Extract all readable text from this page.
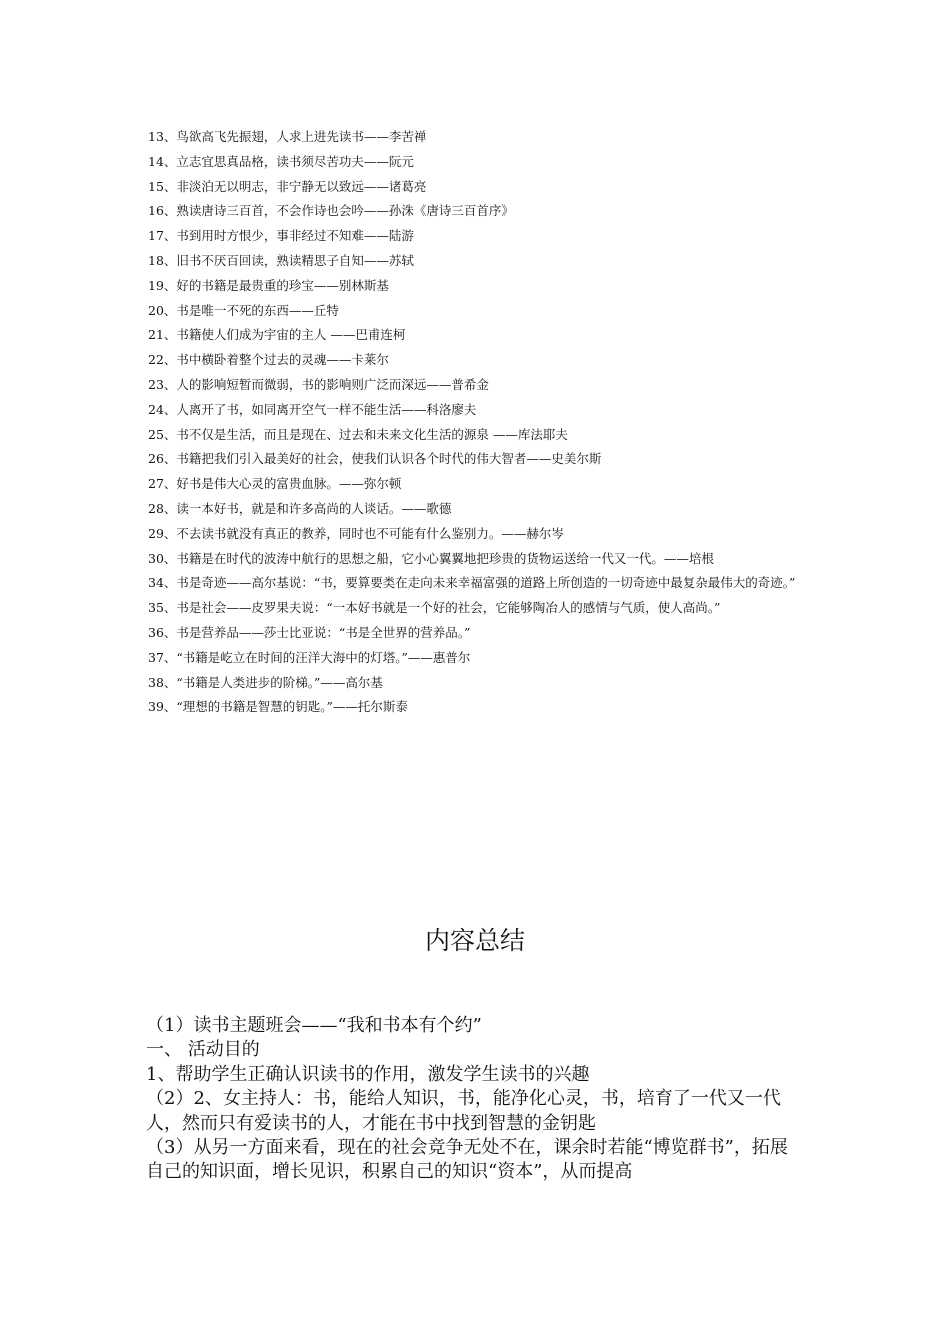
13、鸟欲高飞先振翅，人求上进先读书——李苦禅
14、立志宜思真品格，读书须尽苦功夫——阮元
15、非淡泊无以明志，非宁静无以致远——诸葛亮
16、熟读唐诗三百首，不会作诗也会吟——孙洙《唐诗三百首序》
17、书到用时方恨少，事非经过不知难——陆游
18、旧书不厌百回读，熟读精思子自知——苏轼
19、好的书籍是最贵重的珍宝——别林斯基
20、书是唯一不死的东西——丘特
21、书籍使人们成为宇宙的主人 ——巴甫连柯
22、书中横卧着整个过去的灵魂——卡莱尔
23、人的影响短暂而微弱，书的影响则广泛而深远——普希金
24、人离开了书，如同离开空气一样不能生活——科洛廖夫
25、书不仅是生活，而且是现在、过去和未来文化生活的源泉 ——库法耶夫
26、书籍把我们引入最美好的社会，使我们认识各个时代的伟大智者——史美尔斯
27、好书是伟大心灵的富贵血脉。——弥尔顿
28、读一本好书，就是和许多高尚的人谈话。——歌德
29、不去读书就没有真正的教养，同时也不可能有什么鉴别力。——赫尔岑
30、书籍是在时代的波涛中航行的思想之船，它小心翼翼地把珍贵的货物运送给一代又一代。——培根
34、书是奇迹——高尔基说：“书，要算要类在走向未来幸福富强的道路上所创造的一切奇迹中最复杂最伟大的奇迹。”
35、书是社会——皮罗果夫说：“一本好书就是一个好的社会，它能够陶冶人的感情与气质，使人高尚。”
36、书是营养品——莎士比亚说：“书是全世界的营养品。”
37、“书籍是屹立在时间的汪洋大海中的灯塔。”——惠普尔
38、“书籍是人类进步的阶梯。”——高尔基
39、“理想的书籍是智慧的钥匙。”——托尔斯泰
内容总结
（1）读书主题班会——“我和书本有个约”
一、 活动目的
1、帮助学生正确认识读书的作用，激发学生读书的兴趣
（2）2、女主持人：书，能给人知识，书，能净化心灵，书，培育了一代又一代人，然而只有爱读书的人，才能在书中找到智慧的金钥匙
（3）从另一方面来看，现在的社会竞争无处不在，课余时若能“博览群书”，拓展自己的知识面，增长见识，积累自己的知识“资本”，从而提高
